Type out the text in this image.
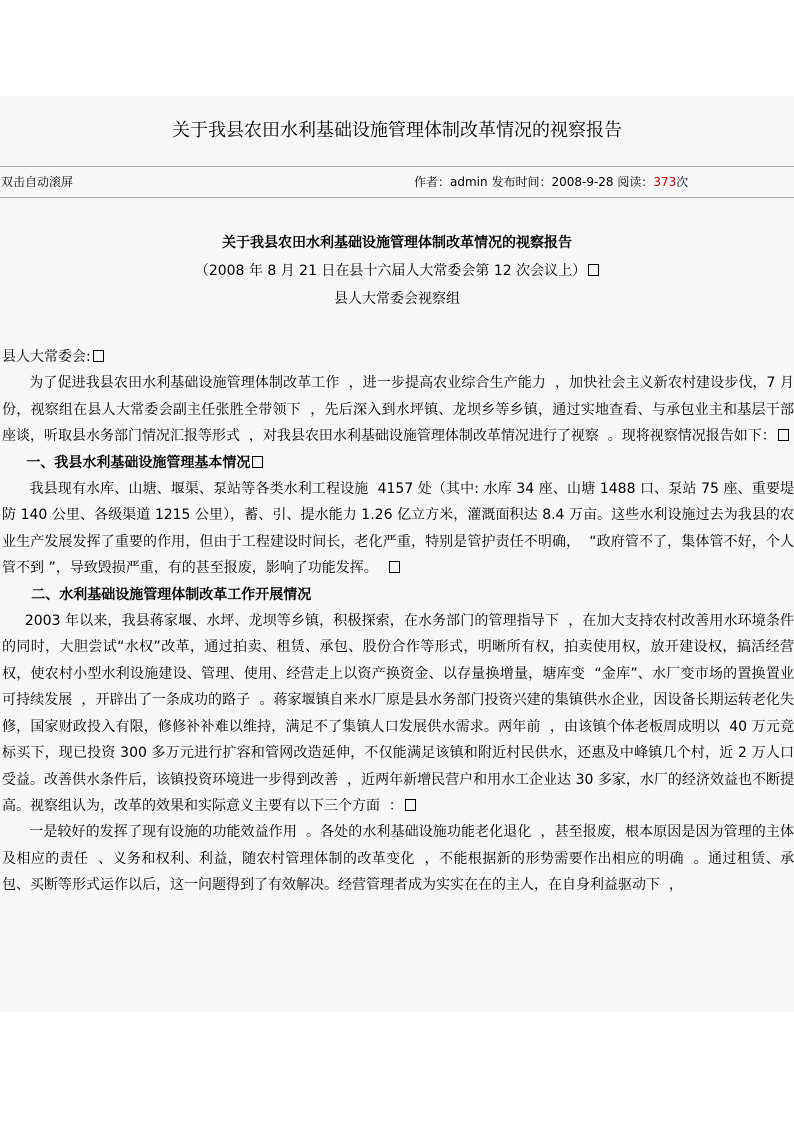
关于我县农田水利基础设施管理体制改革情况的视察报告
双击自动滚屏	作者：admin 发布时间：2008-9-28 阅读：373次
关于我县农田水利基础设施管理体制改革情况的视察报告
（2008 年 8 月 21 日在县十六届人大常委会第 12 次会议上）
县人大常委会视察组

县人大常委会:

为了促进我县农田水利基础设施管理体制改革工作  ，进一步提高农业综合生产能力  ，加快社会主义新农村建设步伐，7 月份，视察组在县人大常委会副主任张胜全带领下  ，先后深入到水坪镇、龙坝乡等乡镇，通过实地查看、与承包业主和基层干部座谈，听取县水务部门情况汇报等形式  ，对我县农田水利基础设施管理体制改革情况进行了视察  。现将视察情况报告如下：

一、我县水利基础设施管理基本情况

我县现有水库、山塘、堰渠、泵站等各类水利工程设施  4157 处（其中: 水库 34 座、山塘 1488 口、泵站 75 座、重要堤防 140 公里、各级渠道 1215 公里），蓄、引、提水能力 1.26 亿立方米，灌溉面积达 8.4 万亩。这些水利设施过去为我县的农业生产发展发挥了重要的作用，但由于工程建设时间长，老化严重，特别是管护责任不明确，  “政府管不了，集体管不好，个人管不到 ”，导致毁损严重，有的甚至报废，影响了功能发挥。

二、水利基础设施管理体制改革工作开展情况

2003 年以来，我县蒋家堰、水坪、龙坝等乡镇，积极探索，在水务部门的管理指导下  ，在加大支持农村改善用水环境条件的同时，大胆尝试“水权”改革，通过拍卖、租赁、承包、股份合作等形式，明晰所有权，拍卖使用权，放开建设权，搞活经营权，使农村小型水利设施建设、管理、使用、经营走上以资产换资金、以存量换增量，塘库变  “金库”、水厂变市场的置换置业可持续发展  ，开辟出了一条成功的路子  。蒋家堰镇自来水厂原是县水务部门投资兴建的集镇供水企业，因设备长期运转老化失修，国家财政投入有限，修修补补难以维持，满足不了集镇人口发展供水需求。两年前  ，由该镇个体老板周成明以  40 万元竞标买下，现已投资 300 多万元进行扩容和管网改造延伸，不仅能满足该镇和附近村民供水，还惠及中峰镇几个村，近 2 万人口受益。改善供水条件后，该镇投资环境进一步得到改善  ，近两年新增民营户和用水工企业达 30 多家，水厂的经济效益也不断提高。视察组认为，改革的效果和实际意义主要有以下三个方面  ：

一是较好的发挥了现有设施的功能效益作用  。各处的水利基础设施功能老化退化  ，甚至报废，根本原因是因为管理的主体及相应的责任  、义务和权利、利益，随农村管理体制的改革变化  ，不能根据新的形势需要作出相应的明确  。通过租赁、承包、买断等形式运作以后，这一问题得到了有效解决。经营管理者成为实实在在的主人，在自身利益驱动下  ，
